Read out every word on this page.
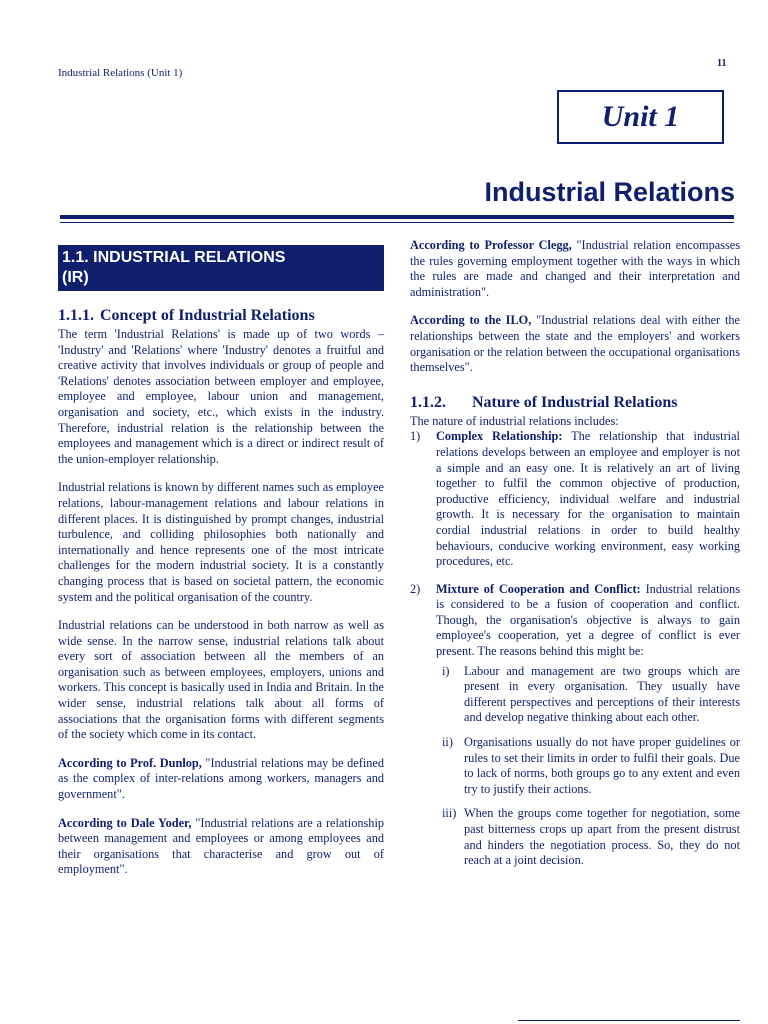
Industrial Relations (Unit 1)
11
Unit 1
Industrial Relations
1.1. INDUSTRIAL RELATIONS
(IR)
1.1.1. Concept of Industrial Relations

The term 'Industrial Relations' is made up of two words – 'Industry' and 'Relations' where 'Industry' denotes a fruitful and creative activity that involves individuals or group of people and 'Relations' denotes association between employer and employee, employee and employee, labour union and management, organisation and society, etc., which exists in the industry. Therefore, industrial relation is the relationship between the employees and management which is a direct or indirect result of the union-employer relationship.

Industrial relations is known by different names such as employee relations, labour-management relations and labour relations in different places. It is distinguished by prompt changes, industrial turbulence, and colliding philosophies both nationally and internationally and hence represents one of the most intricate challenges for the modern industrial society. It is a constantly changing process that is based on societal pattern, the economic system and the political organisation of the country.

Industrial relations can be understood in both narrow as well as wide sense. In the narrow sense, industrial relations talk about every sort of association between all the members of an organisation such as between employees, employers, unions and workers. This concept is basically used in India and Britain. In the wider sense, industrial relations talk about all forms of associations that the organisation forms with different segments of the society which come in its contact.

According to Prof. Dunlop, "Industrial relations may be defined as the complex of inter-relations among workers, managers and government".

According to Dale Yoder, "Industrial relations are a relationship between management and employees or among employees and their organisations that characterise and grow out of employment".

According to Professor Clegg, "Industrial relation encompasses the rules governing employment together with the ways in which the rules are made and changed and their interpretation and administration".

According to the ILO, "Industrial relations deal with either the relationships between the state and the employers' and workers organisation or the relation between the occupational organisations themselves".

1.1.2. Nature of Industrial Relations
The nature of industrial relations includes:
1) Complex Relationship: The relationship that industrial relations develops between an employee and employer is not a simple and an easy one. It is relatively an art of living together to fulfil the common objective of production, productive efficiency, individual welfare and industrial growth. It is necessary for the organisation to maintain cordial industrial relations in order to build healthy behaviours, conducive working environment, easy working procedures, etc.
2) Mixture of Cooperation and Conflict: Industrial relations is considered to be a fusion of cooperation and conflict. Though, the organisation's objective is always to gain employee's cooperation, yet a degree of conflict is ever present. The reasons behind this might be:
i) Labour and management are two groups which are present in every organisation. They usually have different perspectives and perceptions of their interests and develop negative thinking about each other.
ii) Organisations usually do not have proper guidelines or rules to set their limits in order to fulfil their goals. Due to lack of norms, both groups go to any extent and even try to justify their actions.
iii) When the groups come together for negotiation, some past bitterness crops up apart from the present distrust and hinders the negotiation process. So, they do not reach at a joint decision.
